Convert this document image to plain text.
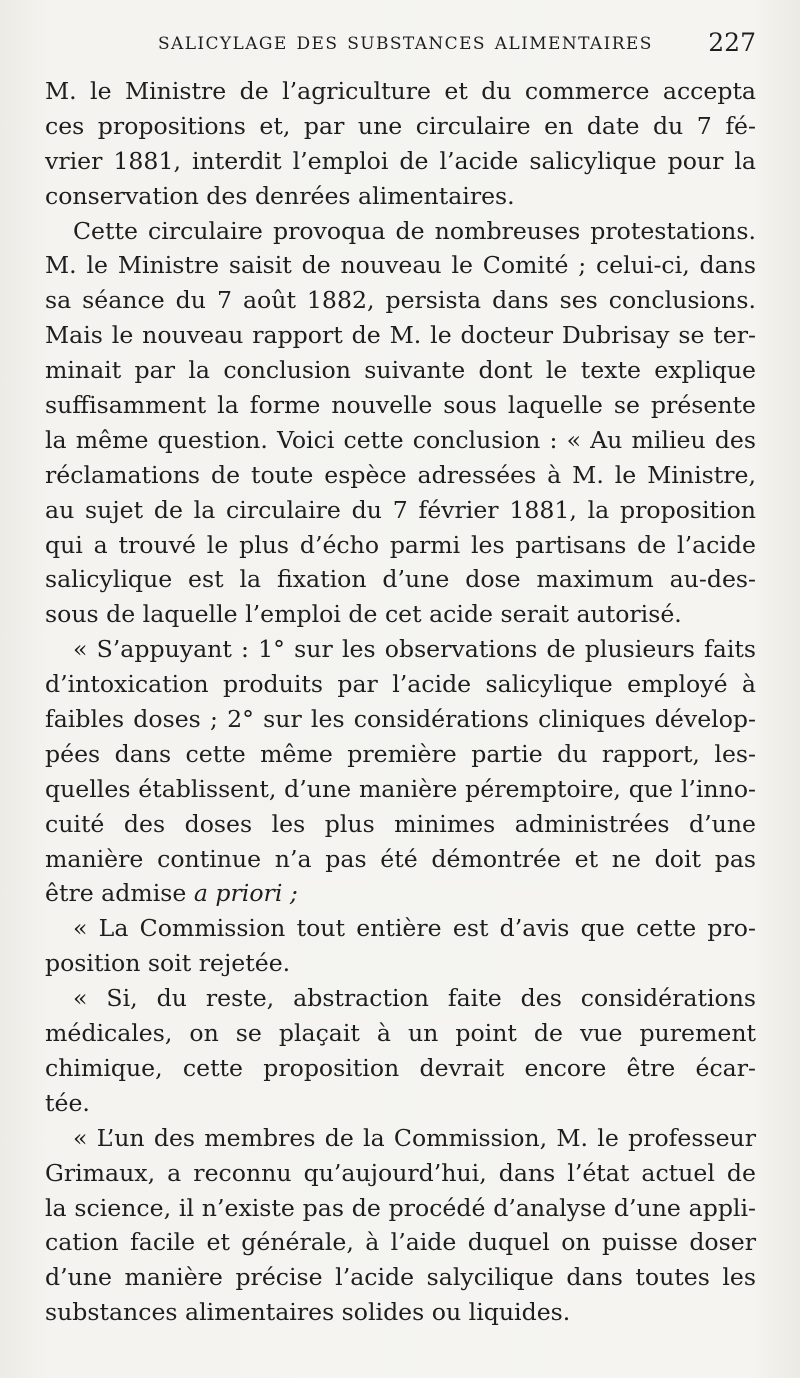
SALICYLAGE DES SUBSTANCES ALIMENTAIRES 227
M. le Ministre de l’agriculture et du commerce accepta
ces propositions et, par une circulaire en date du 7 fé-
vrier 1881, interdit l’emploi de l’acide salicylique pour la
conservation des denrées alimentaires.
Cette circulaire provoqua de nombreuses protestations.
M. le Ministre saisit de nouveau le Comité ; celui-ci, dans
sa séance du 7 août 1882, persista dans ses conclusions.
Mais le nouveau rapport de M. le docteur Dubrisay se ter-
minait par la conclusion suivante dont le texte explique
suffisamment la forme nouvelle sous laquelle se présente
la même question. Voici cette conclusion : « Au milieu des
réclamations de toute espèce adressées à M. le Ministre,
au sujet de la circulaire du 7 février 1881, la proposition
qui a trouvé le plus d’écho parmi les partisans de l’acide
salicylique est la fixation d’une dose maximum au-des-
sous de laquelle l’emploi de cet acide serait autorisé.
« S’appuyant : 1° sur les observations de plusieurs faits
d’intoxication produits par l’acide salicylique employé à
faibles doses ; 2° sur les considérations cliniques dévelop-
pées dans cette même première partie du rapport, les-
quelles établissent, d’une manière péremptoire, que l’inno-
cuité des doses les plus minimes administrées d’une
manière continue n’a pas été démontrée et ne doit pas
être admise a priori ;
« La Commission tout entière est d’avis que cette pro-
position soit rejetée.
« Si, du reste, abstraction faite des considérations
médicales, on se plaçait à un point de vue purement
chimique, cette proposition devrait encore être écar-
tée.
« L’un des membres de la Commission, M. le professeur
Grimaux, a reconnu qu’aujourd’hui, dans l’état actuel de
la science, il n’existe pas de procédé d’analyse d’une appli-
cation facile et générale, à l’aide duquel on puisse doser
d’une manière précise l’acide salycilique dans toutes les
substances alimentaires solides ou liquides.
